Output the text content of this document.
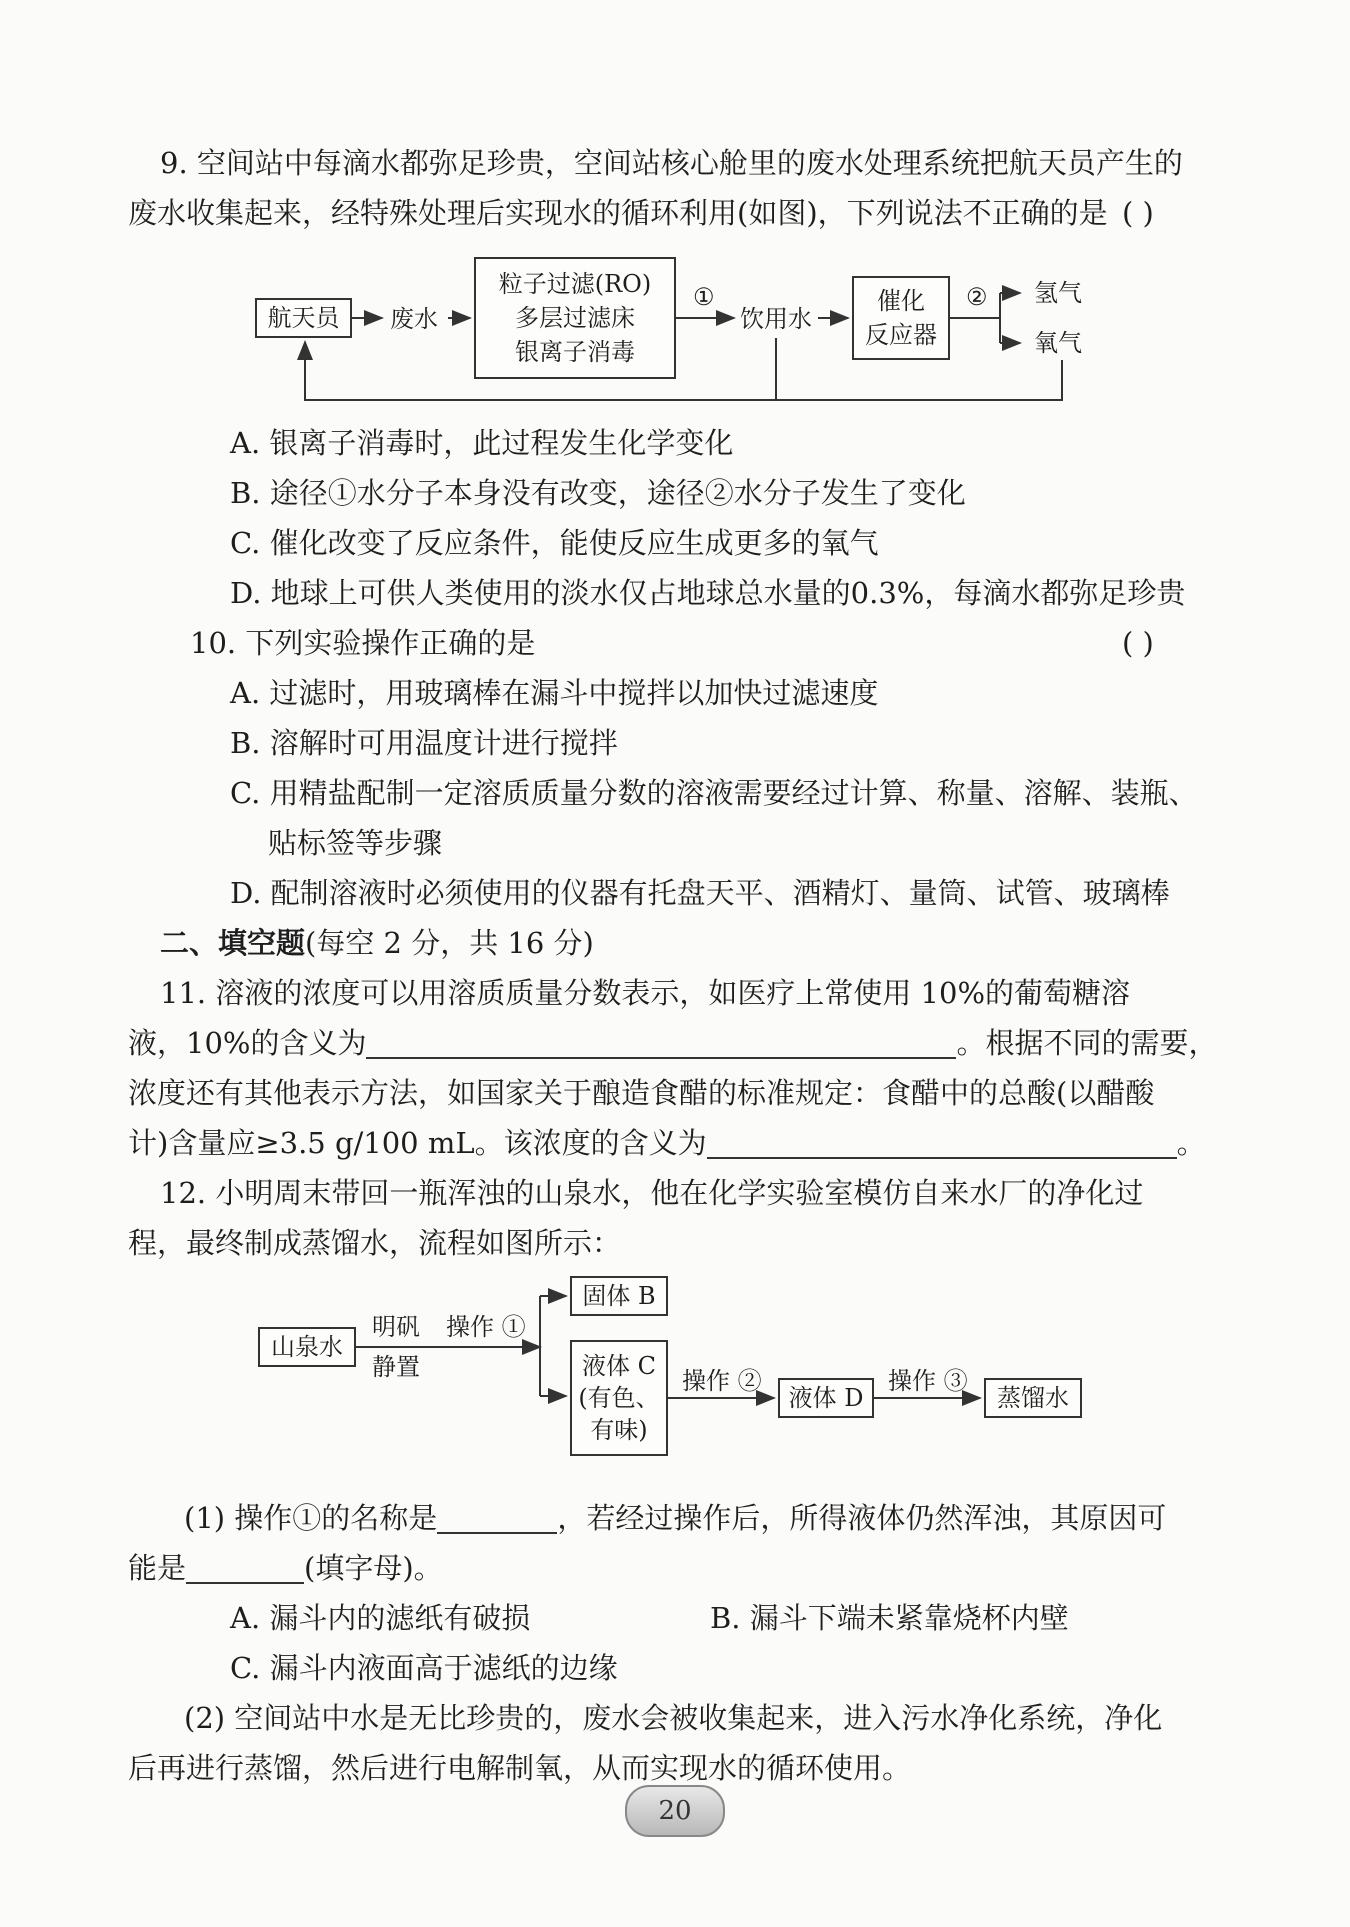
9. 空间站中每滴水都弥足珍贵，空间站核心舱里的废水处理系统把航天员产生的
废水收集起来，经特殊处理后实现水的循环利用(如图)，下列说法不正确的是 ( )
航天员 废水
粒子过滤(RO)
多层过滤床
银离子消毒
①
饮用水
催化
反应器
② 氢气
氧气
A. 银离子消毒时，此过程发生化学变化
B. 途径①水分子本身没有改变，途径②水分子发生了变化
C. 催化改变了反应条件，能使反应生成更多的氧气
D. 地球上可供人类使用的淡水仅占地球总水量的0.3%，每滴水都弥足珍贵
10. 下列实验操作正确的是	( )
A. 过滤时，用玻璃棒在漏斗中搅拌以加快过滤速度
B. 溶解时可用温度计进行搅拌
C. 用精盐配制一定溶质质量分数的溶液需要经过计算、称量、溶解、装瓶、
贴标签等步骤
D. 配制溶液时必须使用的仪器有托盘天平、酒精灯、量筒、试管、玻璃棒
二、填空题(每空 2 分，共 16 分)
11. 溶液的浓度可以用溶质质量分数表示，如医疗上常使用 10%的葡萄糖溶
液，10%的含义为	。根据不同的需要，
浓度还有其他表示方法，如国家关于酿造食醋的标准规定：食醋中的总酸(以醋酸
计)含量应≥3.5 g/100 mL。该浓度的含义为	。
12. 小明周末带回一瓶浑浊的山泉水，他在化学实验室模仿自来水厂的净化过
程，最终制成蒸馏水，流程如图所示：
山泉水
明矾
静置
操作 ①
固体 B
液体 C
(有色、
有味)
操作 ②
液体 D
操作 ③
蒸馏水
(1) 操作①的名称是	，若经过操作后，所得液体仍然浑浊，其原因可
能是	(填字母)。
A. 漏斗内的滤纸有破损	B. 漏斗下端未紧靠烧杯内壁
C. 漏斗内液面高于滤纸的边缘
(2) 空间站中水是无比珍贵的，废水会被收集起来，进入污水净化系统，净化
后再进行蒸馏，然后进行电解制氧，从而实现水的循环使用。
20
